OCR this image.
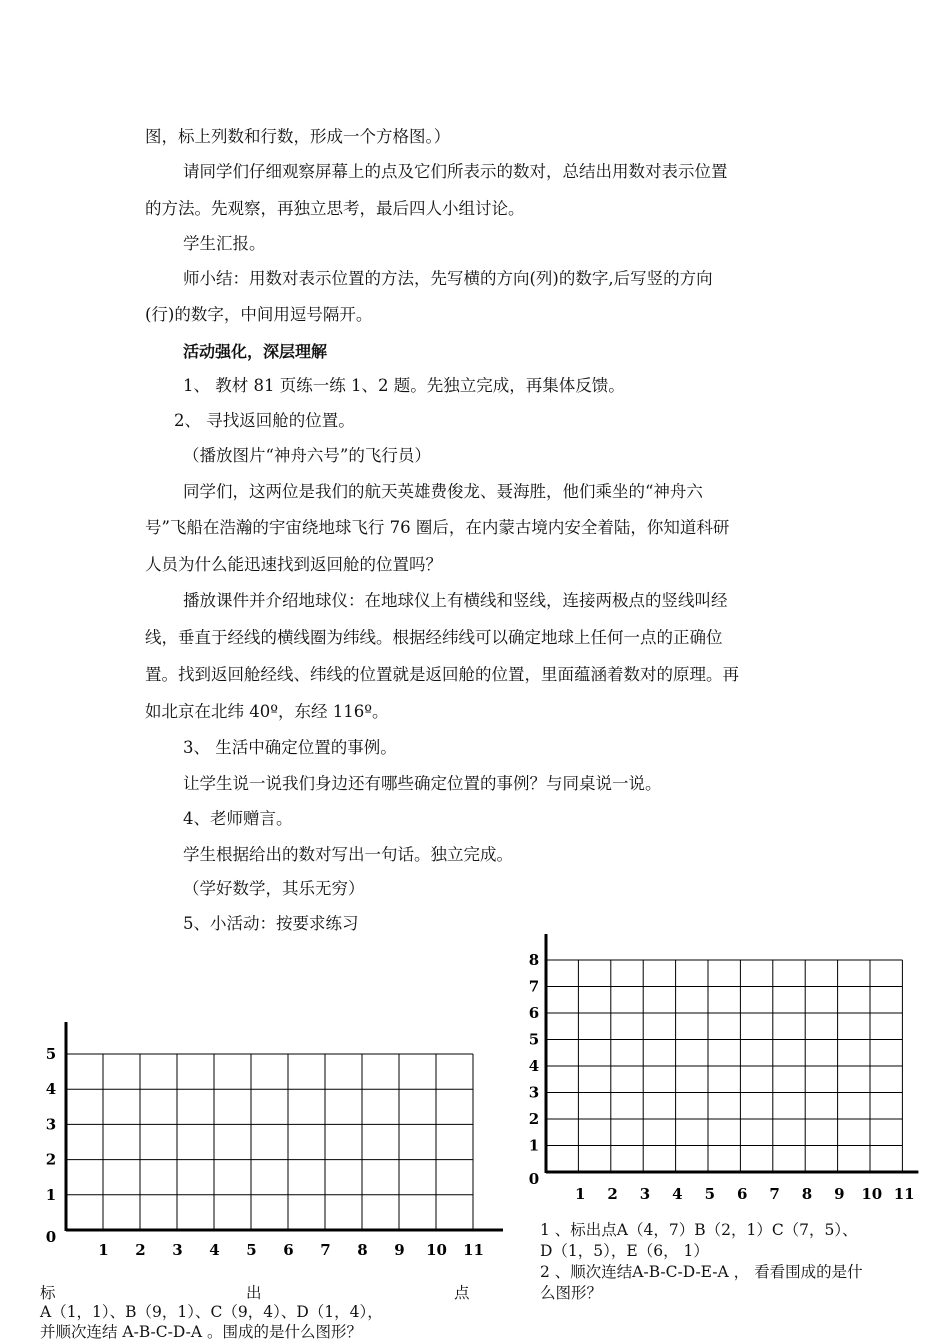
图，标上列数和行数，形成一个方格图。）
请同学们仔细观察屏幕上的点及它们所表示的数对，总结出用数对表示位置
的方法。先观察，再独立思考，最后四人小组讨论。
学生汇报。
师小结：用数对表示位置的方法，先写横的方向(列)的数字,后写竖的方向
(行)的数字，中间用逗号隔开。
活动强化，深层理解
1、 教材 81 页练一练 1、2 题。先独立完成，再集体反馈。
2、 寻找返回舱的位置。
（播放图片“神舟六号”的飞行员）
同学们，这两位是我们的航天英雄费俊龙、聂海胜，他们乘坐的“神舟六
号”飞船在浩瀚的宇宙绕地球飞行 76 圈后，在内蒙古境内安全着陆，你知道科研
人员为什么能迅速找到返回舱的位置吗？
播放课件并介绍地球仪：在地球仪上有横线和竖线，连接两极点的竖线叫经
线，垂直于经线的横线圈为纬线。根据经纬线可以确定地球上任何一点的正确位
置。找到返回舱经线、纬线的位置就是返回舱的位置，里面蕴涵着数对的原理。再
如北京在北纬 40º，东经 116º。
3、 生活中确定位置的事例。
让学生说一说我们身边还有哪些确定位置的事例？与同桌说一说。
4、老师赠言。
学生根据给出的数对写出一句话。独立完成。
（学好数学，其乐无穷）
5、小活动：按要求练习
1 2 3 4 5 6 7 8 9 10 11
1
2
3
4
5
0
1 2 3 4 5 6 7 8 9 10 11
1
2
3
4
5
6
7
8
0
标	出	点
A（1，1）、B（9，1）、C（9，4）、D（1，4），
并顺次连结 A-B-C-D-A 。围成的是什么图形？
1 、标出点A（4，7）B（2，1）C（7，5）、
D（1，5），E（6， 1）
2 、顺次连结A-B-C-D-E-A ， 看看围成的是什
么图形？
